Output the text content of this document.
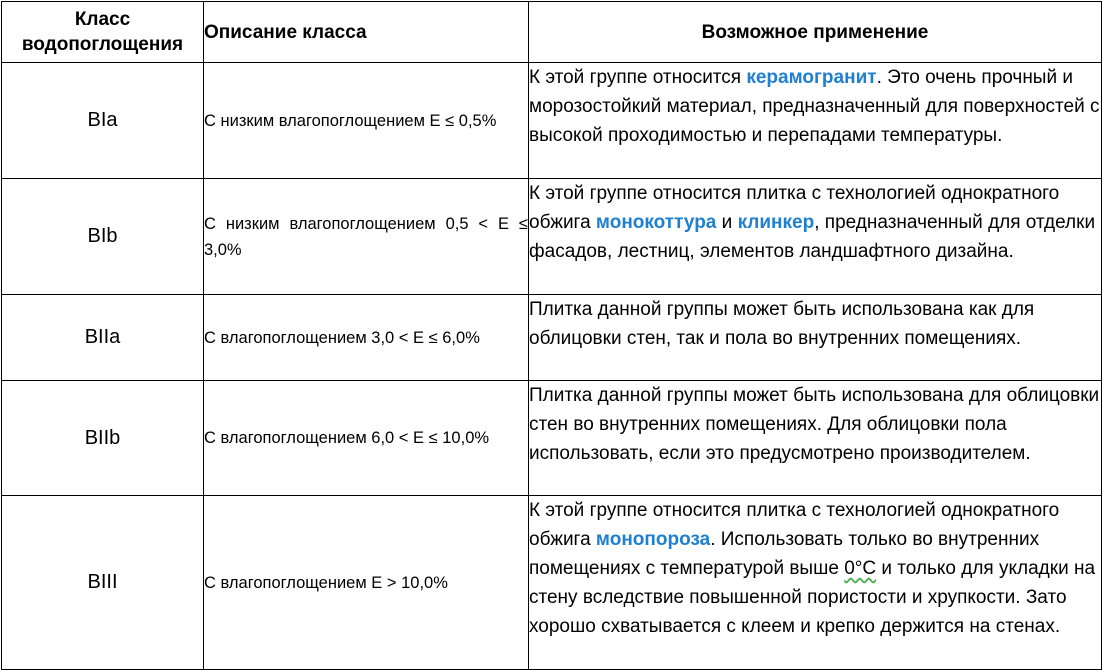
Класс водопоглощения	Описание класса	Возможное применение
BIa	С низким влагопоглощением E ≤ 0,5%	К этой группе относится керамогранит. Это очень прочный и морозостойкий материал, предназначенный для поверхностей с высокой проходимостью и перепадами температуры.
BIb	С низким влагопоглощением 0,5 < E ≤ 3,0%	К этой группе относится плитка с технологией однократного обжига монокоттура и клинкер, предназначенный для отделки фасадов, лестниц, элементов ландшафтного дизайна.
BIIa	С влагопоглощением 3,0 < E ≤ 6,0%	Плитка данной группы может быть использована как для облицовки стен, так и пола во внутренних помещениях.
BIIb	С влагопоглощением 6,0 < E ≤ 10,0%	Плитка данной группы может быть использована для облицовки стен во внутренних помещениях. Для облицовки пола использовать, если это предусмотрено производителем.
BIII	С влагопоглощением E > 10,0%	К этой группе относится плитка с технологией однократного обжига монопороза. Использовать только во внутренних помещениях с температурой выше 0°С и только для укладки на стену вследствие повышенной пористости и хрупкости. Зато хорошо схватывается с клеем и крепко держится на стенах.
